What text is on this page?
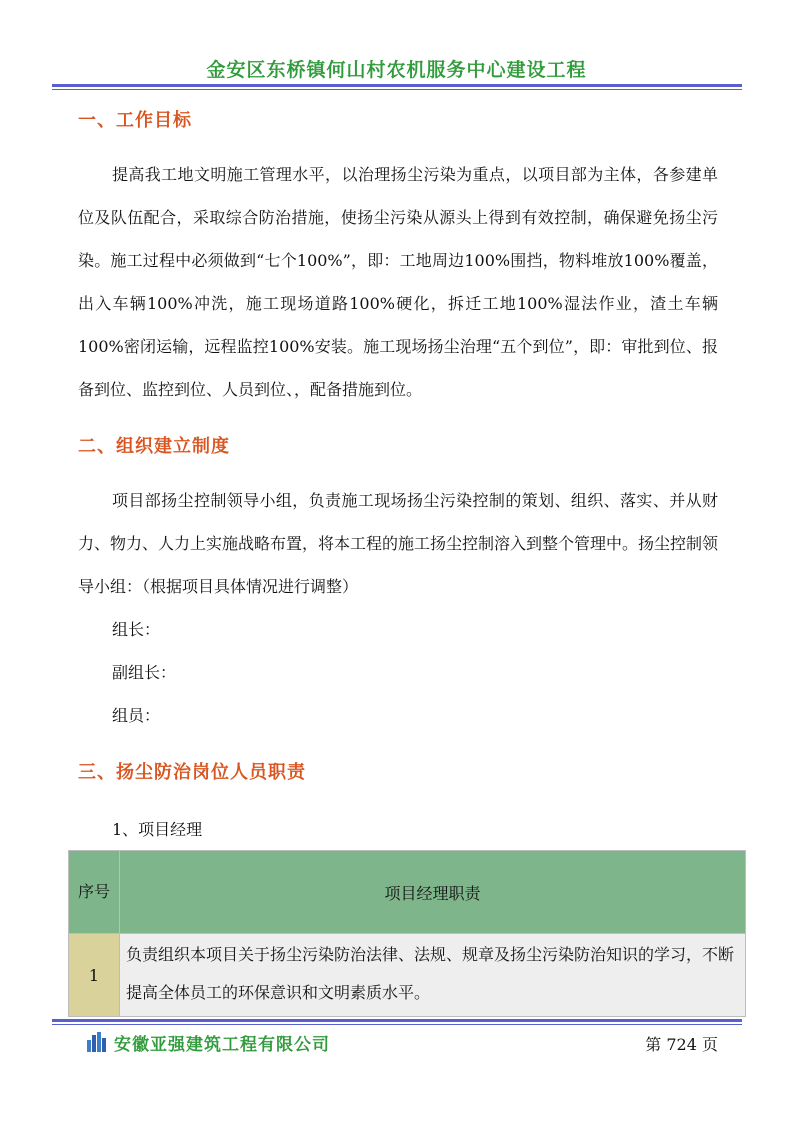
金安区东桥镇何山村农机服务中心建设工程
一、工作目标
提高我工地文明施工管理水平，以治理扬尘污染为重点，以项目部为主体，各参建单位及队伍配合，采取综合防治措施，使扬尘污染从源头上得到有效控制，确保避免扬尘污染。施工过程中必须做到“七个100%”，即：工地周边100%围挡，物料堆放100%覆盖，出入车辆100%冲洗，施工现场道路100%硬化，拆迁工地100%湿法作业，渣土车辆100%密闭运输，远程监控100%安装。施工现场扬尘治理“五个到位”，即：审批到位、报备到位、监控到位、人员到位、，配备措施到位。
二、组织建立制度
项目部扬尘控制领导小组，负责施工现场扬尘污染控制的策划、组织、落实、并从财力、物力、人力上实施战略布置，将本工程的施工扬尘控制溶入到整个管理中。扬尘控制领导小组：（根据项目具体情况进行调整）
组长：
副组长：
组员：
三、扬尘防治岗位人员职责
1、项目经理
序号	项目经理职责
1	负责组织本项目关于扬尘污染防治法律、法规、规章及扬尘污染防治知识的学习，不断提高全体员工的环保意识和文明素质水平。
安徽亚强建筑工程有限公司	第 724 页
